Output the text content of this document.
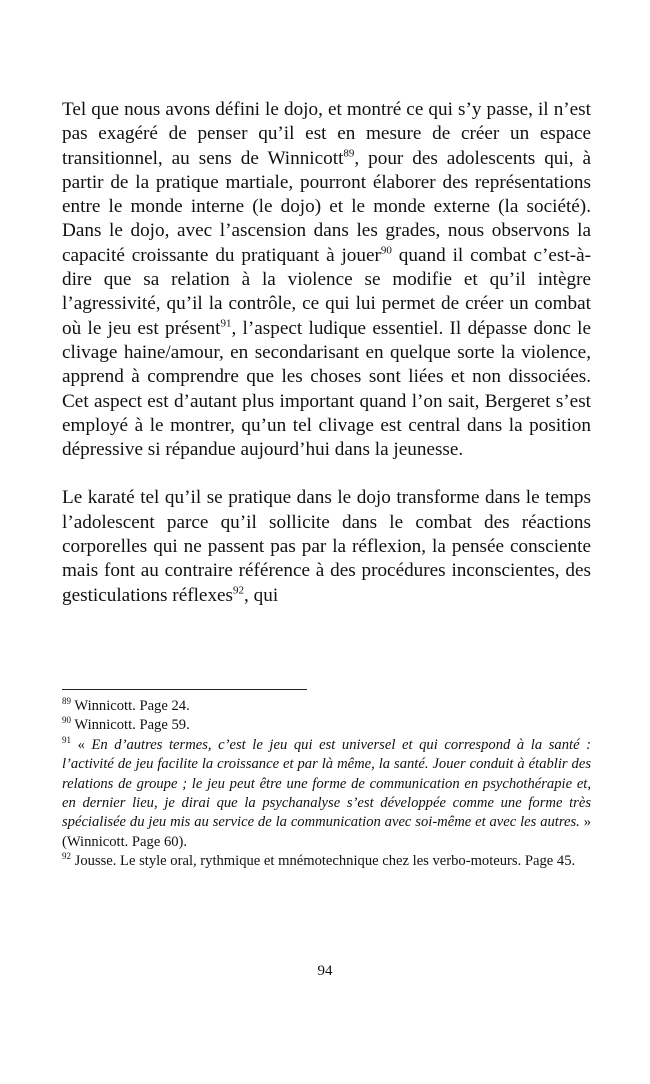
Tel que nous avons défini le dojo, et montré ce qui s’y passe, il n’est pas exagéré de penser qu’il est en mesure de créer un espace transitionnel, au sens de Winnicott$^{89}$, pour des adolescents qui, à partir de la pratique martiale, pourront élaborer des représentations entre le monde interne (le dojo) et le monde externe (la société). Dans le dojo, avec l’ascension dans les grades, nous observons la capacité croissante du pratiquant à jouer$^{90}$ quand il combat c’est-à-dire que sa relation à la violence se modifie et qu’il intègre l’agressivité, qu’il la contrôle, ce qui lui permet de créer un combat où le jeu est présent$^{91}$, l’aspect ludique essentiel. Il dépasse donc le clivage haine/amour, en secondarisant en quelque sorte la violence, apprend à comprendre que les choses sont liées et non dissociées. Cet aspect est d’autant plus important quand l’on sait, Bergeret s’est employé à le montrer, qu’un tel clivage est central dans la position dépressive si répandue aujourd’hui dans la jeunesse.

Le karaté tel qu’il se pratique dans le dojo transforme dans le temps l’adolescent parce qu’il sollicite dans le combat des réactions corporelles qui ne passent pas par la réflexion, la pensée consciente mais font au contraire référence à des procédures inconscientes, des gesticulations réflexes$^{92}$, qui

$^{89}$ Winnicott. Page 24.

$^{90}$ Winnicott. Page 59.

$^{91}$ « En d’autres termes, c’est le jeu qui est universel et qui correspond à la santé : l’activité de jeu facilite la croissance et par là même, la santé. Jouer conduit à établir des relations de groupe ; le jeu peut être une forme de communication en psychothérapie et, en dernier lieu, je dirai que la psychanalyse s’est développée comme une forme très spécialisée du jeu mis au service de la communication avec soi-même et avec les autres. » (Winnicott. Page 60).

$^{92}$ Jousse. Le style oral, rythmique et mnémotechnique chez les verbo-moteurs. Page 45.

94
